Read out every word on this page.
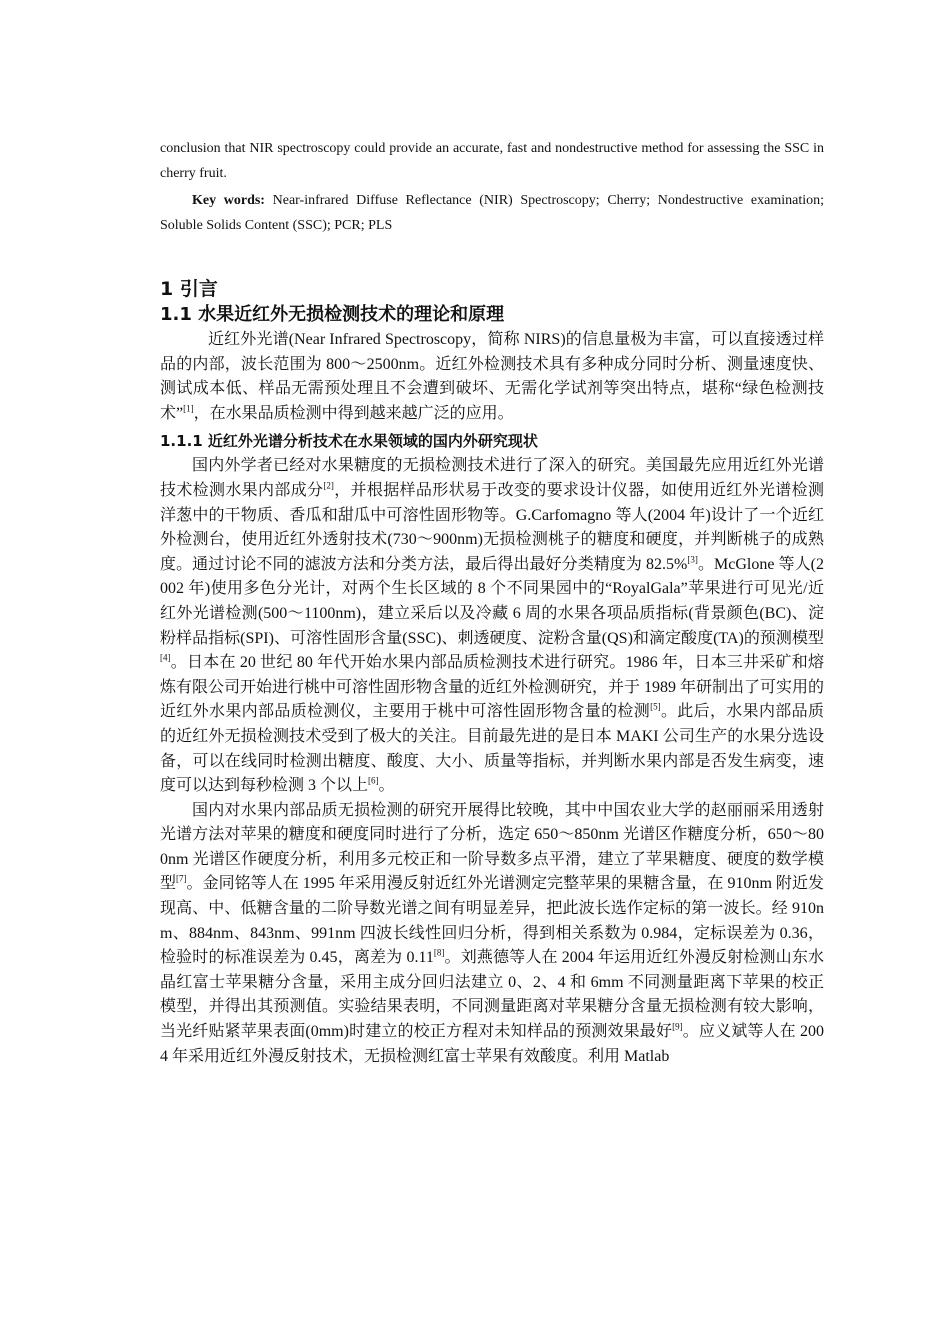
conclusion that NIR spectroscopy could provide an accurate, fast and nondestructive method for assessing the SSC in cherry fruit.

Key words: Near-infrared Diffuse Reflectance (NIR) Spectroscopy; Cherry; Nondestructive examination; Soluble Solids Content (SSC); PCR; PLS

1 引言
1.1 水果近红外无损检测技术的理论和原理

近红外光谱(Near Infrared Spectroscopy，简称 NIRS)的信息量极为丰富，可以直接透过样品的内部，波长范围为 800～2500nm。近红外检测技术具有多种成分同时分析、测量速度快、测试成本低、样品无需预处理且不会遭到破坏、无需化学试剂等突出特点，堪称“绿色检测技术”[1]，在水果品质检测中得到越来越广泛的应用。

1.1.1 近红外光谱分析技术在水果领域的国内外研究现状

国内外学者已经对水果糖度的无损检测技术进行了深入的研究。美国最先应用近红外光谱技术检测水果内部成分[2]，并根据样品形状易于改变的要求设计仪器，如使用近红外光谱检测洋葱中的干物质、香瓜和甜瓜中可溶性固形物等。G.Carfomagno 等人(2004 年)设计了一个近红外检测台，使用近红外透射技术(730～900nm)无损检测桃子的糖度和硬度，并判断桃子的成熟度。通过讨论不同的滤波方法和分类方法，最后得出最好分类精度为 82.5%[3]。McGlone 等人(2002 年)使用多色分光计，对两个生长区域的 8 个不同果园中的“RoyalGala”苹果进行可见光/近红外光谱检测(500～1100nm)，建立采后以及冷藏 6 周的水果各项品质指标(背景颜色(BC)、淀粉样品指标(SPI)、可溶性固形含量(SSC)、刺透硬度、淀粉含量(QS)和滴定酸度(TA)的预测模型[4]。日本在 20 世纪 80 年代开始水果内部品质检测技术进行研究。1986 年，日本三井采矿和熔炼有限公司开始进行桃中可溶性固形物含量的近红外检测研究，并于 1989 年研制出了可实用的近红外水果内部品质检测仪，主要用于桃中可溶性固形物含量的检测[5]。此后，水果内部品质的近红外无损检测技术受到了极大的关注。目前最先进的是日本 MAKI 公司生产的水果分选设备，可以在线同时检测出糖度、酸度、大小、质量等指标，并判断水果内部是否发生病变，速度可以达到每秒检测 3 个以上[6]。

国内对水果内部品质无损检测的研究开展得比较晚，其中中国农业大学的赵丽丽采用透射光谱方法对苹果的糖度和硬度同时进行了分析，选定 650～850nm 光谱区作糖度分析，650～800nm 光谱区作硬度分析，利用多元校正和一阶导数多点平滑，建立了苹果糖度、硬度的数学模型[7]。金同铭等人在 1995 年采用漫反射近红外光谱测定完整苹果的果糖含量，在 910nm 附近发现高、中、低糖含量的二阶导数光谱之间有明显差异，把此波长选作定标的第一波长。经 910nm、884nm、843nm、991nm 四波长线性回归分析，得到相关系数为 0.984，定标误差为 0.36，检验时的标准误差为 0.45，离差为 0.11[8]。刘燕德等人在 2004 年运用近红外漫反射检测山东水晶红富士苹果糖分含量，采用主成分回归法建立 0、2、4 和 6mm 不同测量距离下苹果的校正模型，并得出其预测值。实验结果表明，不同测量距离对苹果糖分含量无损检测有较大影响，当光纤贴紧苹果表面(0mm)时建立的校正方程对未知样品的预测效果最好[9]。应义斌等人在 2004 年采用近红外漫反射技术，无损检测红富士苹果有效酸度。利用 Matlab
